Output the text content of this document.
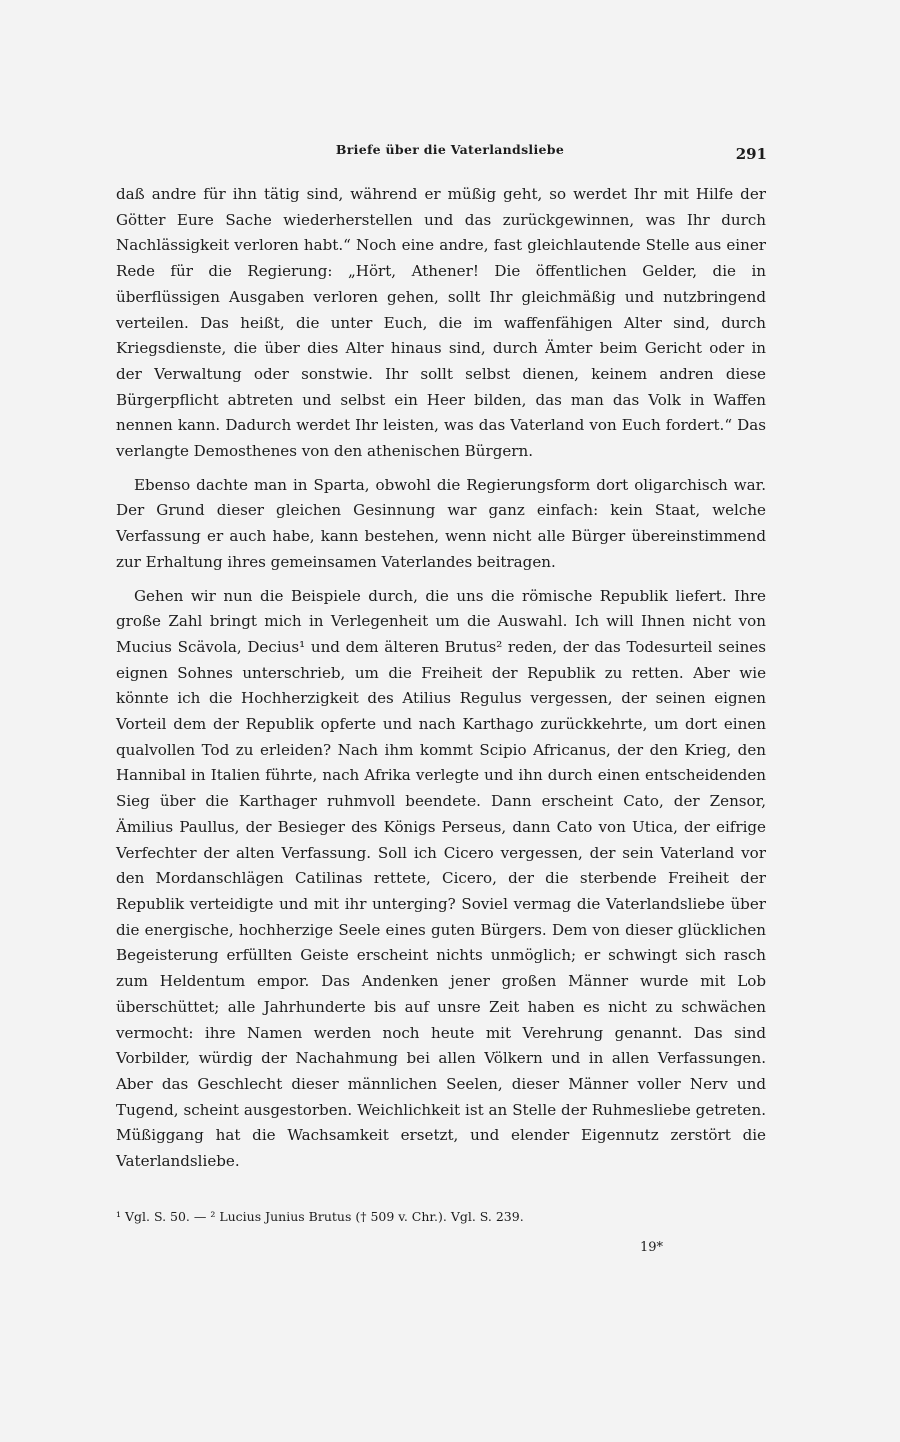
Briefe über die Vaterlandsliebe	291

daß andre für ihn tätig sind, während er müßig geht, so werdet Ihr mit Hilfe der Götter Eure Sache wiederherstellen und das zurückgewinnen, was Ihr durch Nachlässigkeit verloren habt.“ Noch eine andre, fast gleichlautende Stelle aus einer Rede für die Regierung: „Hört, Athener! Die öffentlichen Gelder, die in überflüssigen Ausgaben verloren gehen, sollt Ihr gleichmäßig und nutzbringend verteilen. Das heißt, die unter Euch, die im waffenfähigen Alter sind, durch Kriegsdienste, die über dies Alter hinaus sind, durch Ämter beim Gericht oder in der Verwaltung oder sonstwie. Ihr sollt selbst dienen, keinem andren diese Bürgerpflicht abtreten und selbst ein Heer bilden, das man das Volk in Waffen nennen kann. Dadurch werdet Ihr leisten, was das Vaterland von Euch fordert.“ Das verlangte Demosthenes von den athenischen Bürgern.

Ebenso dachte man in Sparta, obwohl die Regierungsform dort oligarchisch war. Der Grund dieser gleichen Gesinnung war ganz einfach: kein Staat, welche Verfassung er auch habe, kann bestehen, wenn nicht alle Bürger übereinstimmend zur Erhaltung ihres gemeinsamen Vaterlandes beitragen.

Gehen wir nun die Beispiele durch, die uns die römische Republik liefert. Ihre große Zahl bringt mich in Verlegenheit um die Auswahl. Ich will Ihnen nicht von Mucius Scävola, Decius¹ und dem älteren Brutus² reden, der das Todesurteil seines eignen Sohnes unterschrieb, um die Freiheit der Republik zu retten. Aber wie könnte ich die Hochherzigkeit des Atilius Regulus vergessen, der seinen eignen Vorteil dem der Republik opferte und nach Karthago zurückkehrte, um dort einen qualvollen Tod zu erleiden? Nach ihm kommt Scipio Africanus, der den Krieg, den Hannibal in Italien führte, nach Afrika verlegte und ihn durch einen entscheidenden Sieg über die Karthager ruhmvoll beendete. Dann erscheint Cato, der Zensor, Ämilius Paullus, der Besieger des Königs Perseus, dann Cato von Utica, der eifrige Verfechter der alten Verfassung. Soll ich Cicero vergessen, der sein Vaterland vor den Mordanschlägen Catilinas rettete, Cicero, der die sterbende Freiheit der Republik verteidigte und mit ihr unterging? Soviel vermag die Vaterlandsliebe über die energische, hochherzige Seele eines guten Bürgers. Dem von dieser glücklichen Begeisterung erfüllten Geiste erscheint nichts unmöglich; er schwingt sich rasch zum Heldentum empor. Das Andenken jener großen Männer wurde mit Lob überschüttet; alle Jahrhunderte bis auf unsre Zeit haben es nicht zu schwächen vermocht: ihre Namen werden noch heute mit Verehrung genannt. Das sind Vorbilder, würdig der Nachahmung bei allen Völkern und in allen Verfassungen. Aber das Geschlecht dieser männlichen Seelen, dieser Männer voller Nerv und Tugend, scheint ausgestorben. Weichlichkeit ist an Stelle der Ruhmesliebe getreten. Müßiggang hat die Wachsamkeit ersetzt, und elender Eigennutz zerstört die Vaterlandsliebe.

¹ Vgl. S. 50. — ² Lucius Junius Brutus († 509 v. Chr.). Vgl. S. 239.
19*
